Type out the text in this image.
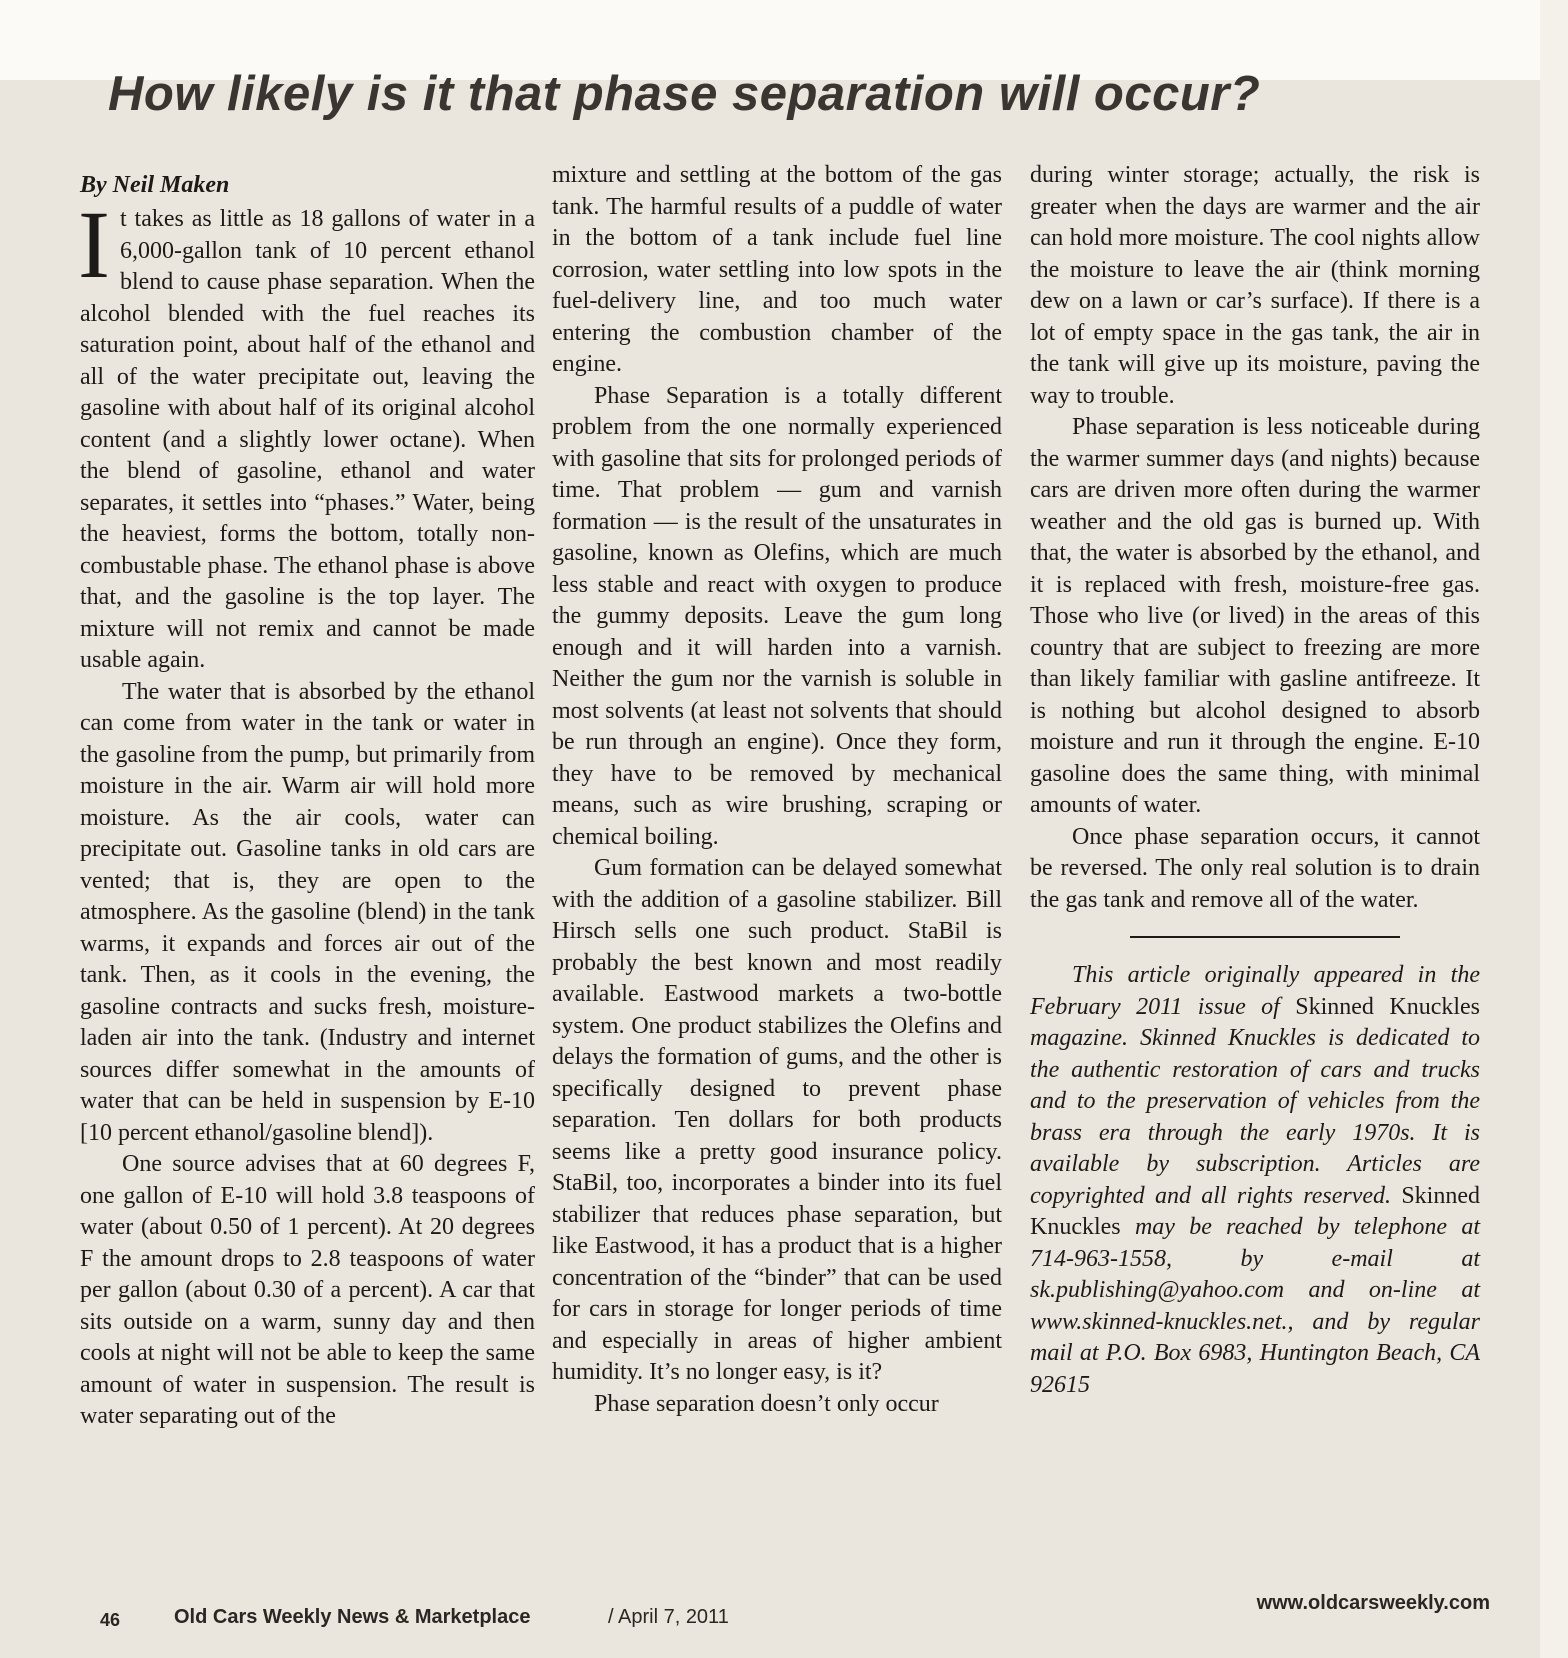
How likely is it that phase separation will occur?
By Neil Maken

It takes as little as 18 gallons of water in a 6,000-gallon tank of 10 percent ethanol blend to cause phase separation. When the alcohol blended with the fuel reaches its saturation point, about half of the ethanol and all of the water precipitate out, leaving the gasoline with about half of its original alcohol content (and a slightly lower octane). When the blend of gasoline, ethanol and water separates, it settles into “phases.” Water, being the heaviest, forms the bottom, totally non-combustable phase. The ethanol phase is above that, and the gasoline is the top layer. The mixture will not remix and cannot be made usable again.

The water that is absorbed by the ethanol can come from water in the tank or water in the gasoline from the pump, but primarily from moisture in the air. Warm air will hold more moisture. As the air cools, water can precipitate out. Gasoline tanks in old cars are vented; that is, they are open to the atmosphere. As the gasoline (blend) in the tank warms, it expands and forces air out of the tank. Then, as it cools in the evening, the gasoline contracts and sucks fresh, moisture-laden air into the tank. (Industry and internet sources differ somewhat in the amounts of water that can be held in suspension by E-10 [10 percent ethanol/gasoline blend]).

One source advises that at 60 degrees F, one gallon of E-10 will hold 3.8 teaspoons of water (about 0.50 of 1 percent). At 20 degrees F the amount drops to 2.8 teaspoons of water per gallon (about 0.30 of a percent). A car that sits outside on a warm, sunny day and then cools at night will not be able to keep the same amount of water in suspension. The result is water separating out of the

mixture and settling at the bottom of the gas tank. The harmful results of a puddle of water in the bottom of a tank include fuel line corrosion, water settling into low spots in the fuel-delivery line, and too much water entering the combustion chamber of the engine.

Phase Separation is a totally different problem from the one normally experienced with gasoline that sits for prolonged periods of time. That problem — gum and varnish formation — is the result of the unsaturates in gasoline, known as Olefins, which are much less stable and react with oxygen to produce the gummy deposits. Leave the gum long enough and it will harden into a varnish. Neither the gum nor the varnish is soluble in most solvents (at least not solvents that should be run through an engine). Once they form, they have to be removed by mechanical means, such as wire brushing, scraping or chemical boiling.

Gum formation can be delayed somewhat with the addition of a gasoline stabilizer. Bill Hirsch sells one such product. StaBil is probably the best known and most readily available. Eastwood markets a two-bottle system. One product stabilizes the Olefins and delays the formation of gums, and the other is specifically designed to prevent phase separation. Ten dollars for both products seems like a pretty good insurance policy. StaBil, too, incorporates a binder into its fuel stabilizer that reduces phase separation, but like Eastwood, it has a product that is a higher concentration of the “binder” that can be used for cars in storage for longer periods of time and especially in areas of higher ambient humidity. It’s no longer easy, is it?

Phase separation doesn’t only occur

during winter storage; actually, the risk is greater when the days are warmer and the air can hold more moisture. The cool nights allow the moisture to leave the air (think morning dew on a lawn or car’s surface). If there is a lot of empty space in the gas tank, the air in the tank will give up its moisture, paving the way to trouble.

Phase separation is less noticeable during the warmer summer days (and nights) because cars are driven more often during the warmer weather and the old gas is burned up. With that, the water is absorbed by the ethanol, and it is replaced with fresh, moisture-free gas. Those who live (or lived) in the areas of this country that are subject to freezing are more than likely familiar with gasline antifreeze. It is nothing but alcohol designed to absorb moisture and run it through the engine. E-10 gasoline does the same thing, with minimal amounts of water.

Once phase separation occurs, it cannot be reversed. The only real solution is to drain the gas tank and remove all of the water.

This article originally appeared in the February 2011 issue of Skinned Knuckles magazine. Skinned Knuckles is dedicated to the authentic restoration of cars and trucks and to the preservation of vehicles from the brass era through the early 1970s. It is available by subscription. Articles are copyrighted and all rights reserved. Skinned Knuckles may be reached by telephone at 714-963-1558, by e-mail at sk.publishing@yahoo.com and on-line at www.skinned-knuckles.net., and by regular mail at P.O. Box 6983, Huntington Beach, CA 92615
46	Old Cars Weekly News & Marketplace	/ April 7, 2011
www.oldcarsweekly.com
